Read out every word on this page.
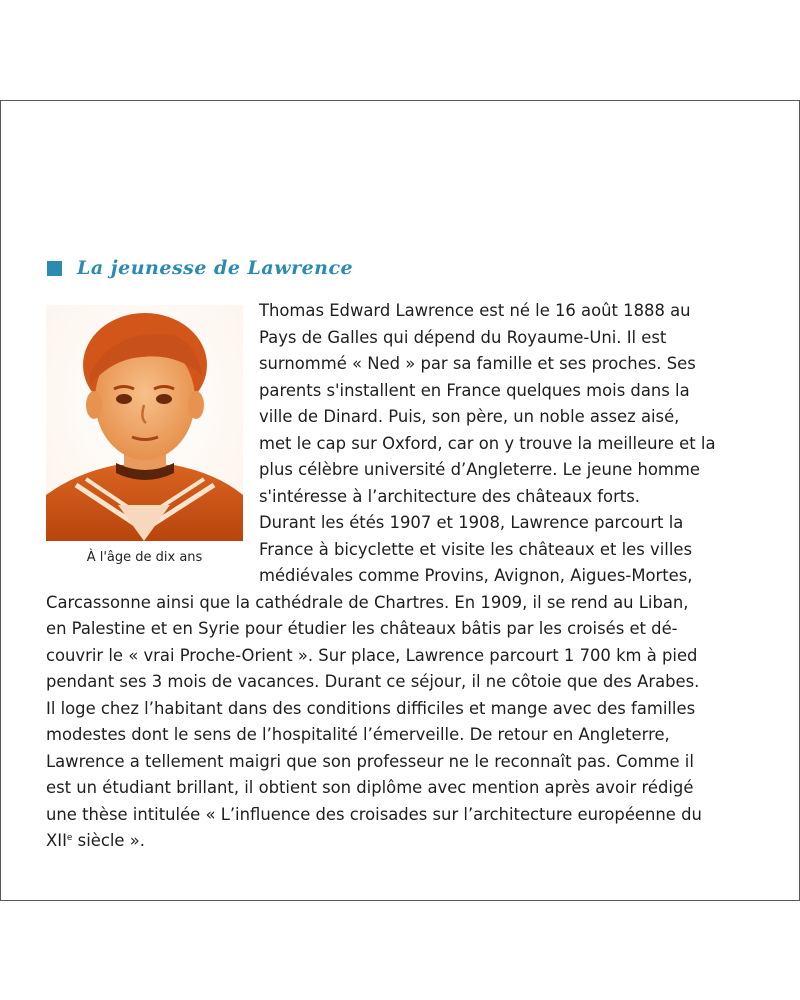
La jeunesse de Lawrence
À l'âge de dix ans
Thomas Edward Lawrence est né le 16 août 1888 au
Pays de Galles qui dépend du Royaume-Uni. Il est
surnommé « Ned » par sa famille et ses proches. Ses
parents s'installent en France quelques mois dans la
ville de Dinard. Puis, son père, un noble assez aisé,
met le cap sur Oxford, car on y trouve la meilleure et la
plus célèbre université d’Angleterre. Le jeune homme
s'intéresse à l’architecture des châteaux forts.
Durant les étés 1907 et 1908, Lawrence parcourt la
France à bicyclette et visite les châteaux et les villes
médiévales comme Provins, Avignon, Aigues-Mortes,
Carcassonne ainsi que la cathédrale de Chartres. En 1909, il se rend au Liban,
en Palestine et en Syrie pour étudier les châteaux bâtis par les croisés et dé-
couvrir le « vrai Proche-Orient ». Sur place, Lawrence parcourt 1 700 km à pied
pendant ses 3 mois de vacances. Durant ce séjour, il ne côtoie que des Arabes.
Il loge chez l’habitant dans des conditions difficiles et mange avec des familles
modestes dont le sens de l’hospitalité l’émerveille. De retour en Angleterre,
Lawrence a tellement maigri que son professeur ne le reconnaît pas. Comme il
est un étudiant brillant, il obtient son diplôme avec mention après avoir rédigé
une thèse intitulée « L’influence des croisades sur l’architecture européenne du
XIIe siècle ».
